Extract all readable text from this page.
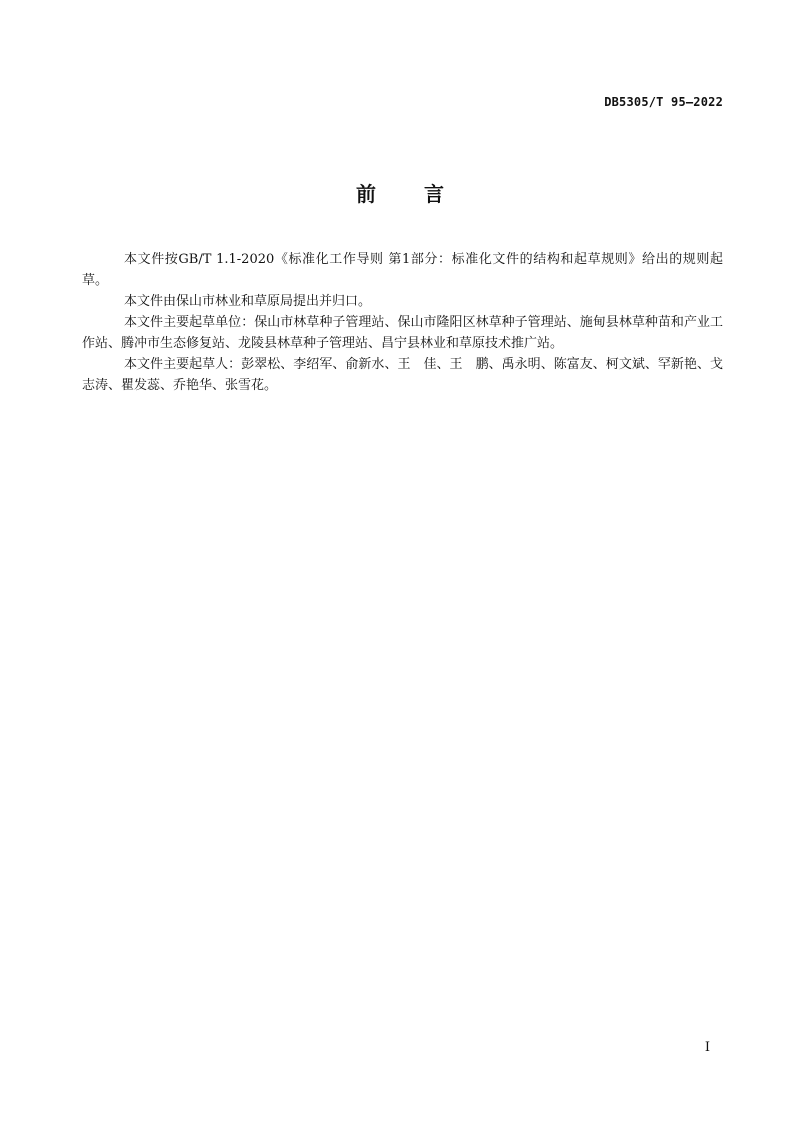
DB5305/T 95—2022
前 言

本文件按GB/T 1.1-2020《标准化工作导则 第1部分：标准化文件的结构和起草规则》给出的规则起草。

本文件由保山市林业和草原局提出并归口。

本文件主要起草单位：保山市林草种子管理站、保山市隆阳区林草种子管理站、施甸县林草种苗和产业工作站、腾冲市生态修复站、龙陵县林草种子管理站、昌宁县林业和草原技术推广站。

本文件主要起草人：彭翠松、李绍军、俞新水、王　佳、王　鹏、禹永明、陈富友、柯文斌、罕新艳、戈志涛、瞿发蕊、乔艳华、张雪花。

I
